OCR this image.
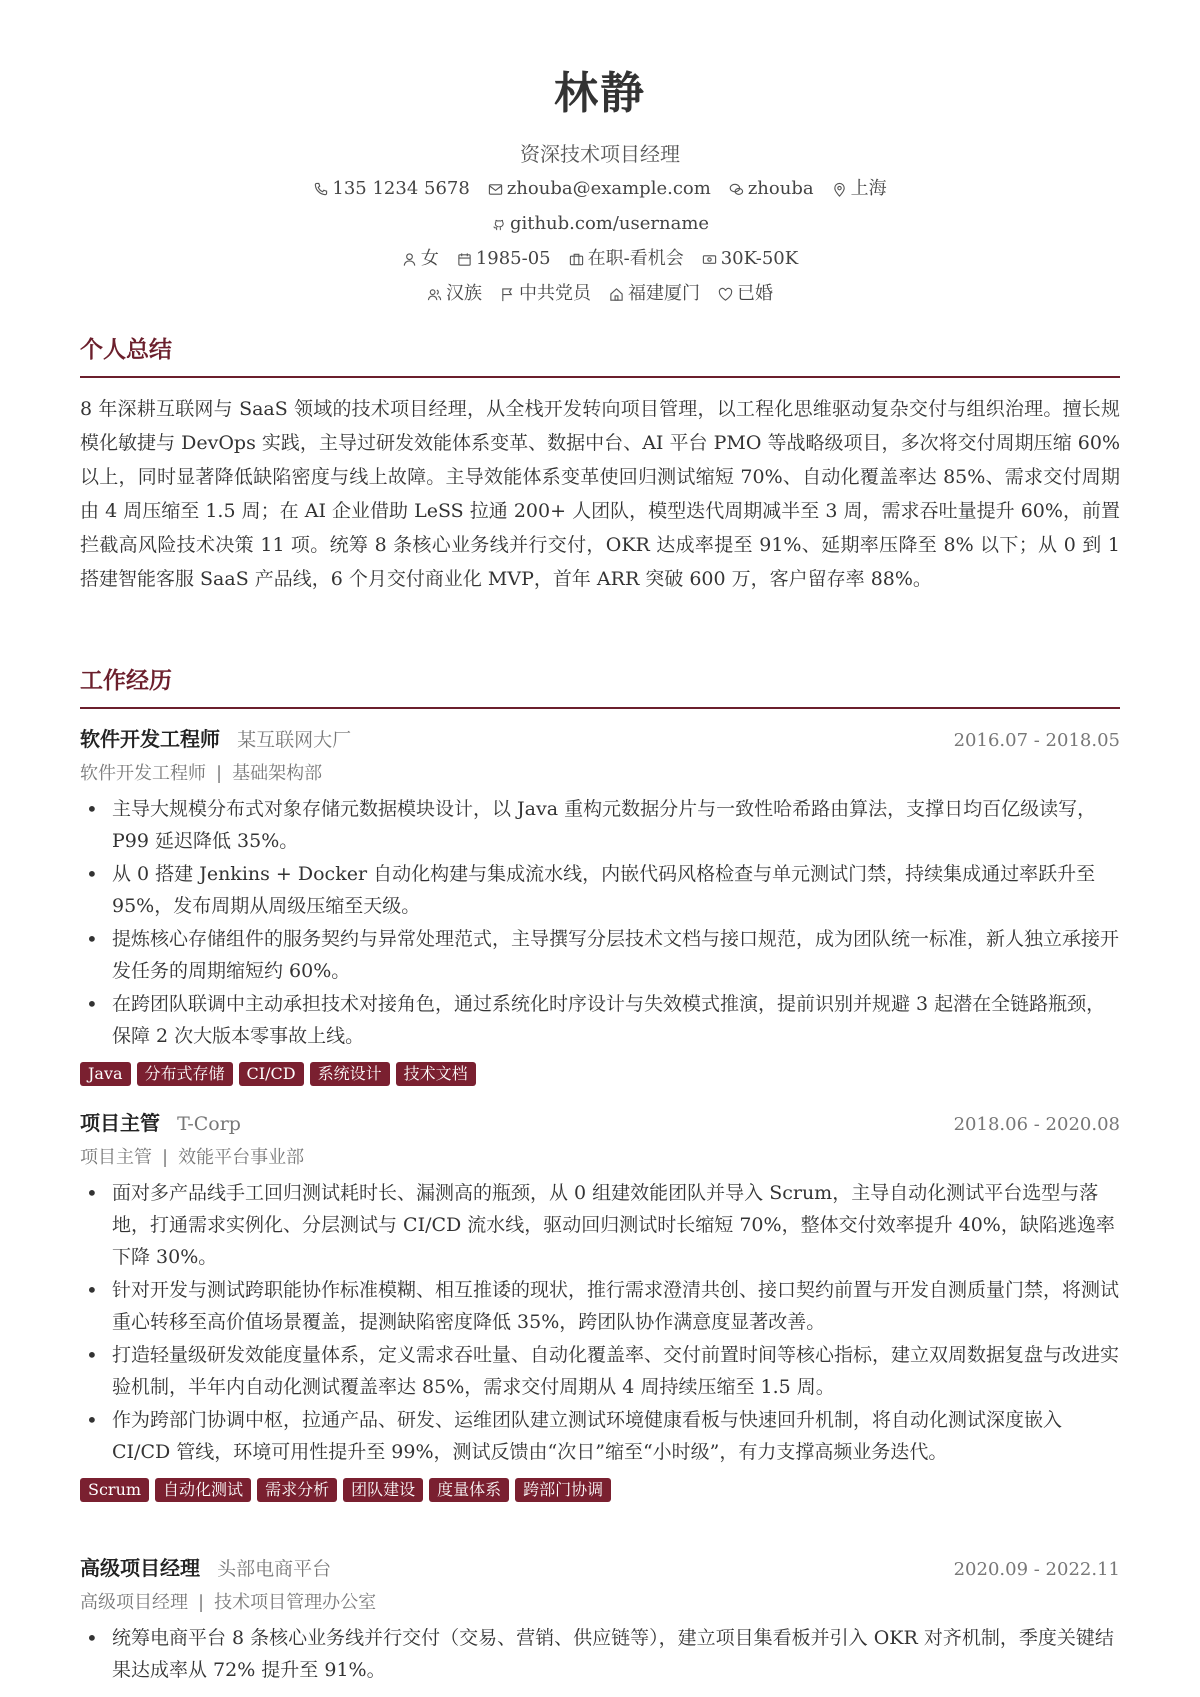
林静
资深技术项目经理
135 1234 5678 zhouba@example.com zhouba 上海
github.com/username
女 1985-05 在职-看机会 30K-50K
汉族 中共党员 福建厦门 已婚
个人总结

8 年深耕互联网与 SaaS 领域的技术项目经理，从全栈开发转向项目管理，以工程化思维驱动复杂交付与组织治理。擅长规模化敏捷与 DevOps 实践，主导过研发效能体系变革、数据中台、AI 平台 PMO 等战略级项目，多次将交付周期压缩 60% 以上，同时显著降低缺陷密度与线上故障。主导效能体系变革使回归测试缩短 70%、自动化覆盖率达 85%、需求交付周期由 4 周压缩至 1.5 周；在 AI 企业借助 LeSS 拉通 200+ 人团队，模型迭代周期减半至 3 周，需求吞吐量提升 60%，前置拦截高风险技术决策 11 项。统筹 8 条核心业务线并行交付，OKR 达成率提至 91%、延期率压降至 8% 以下；从 0 到 1 搭建智能客服 SaaS 产品线，6 个月交付商业化 MVP，首年 ARR 突破 600 万，客户留存率 88%。

工作经历
软件开发工程师 某互联网大厂	2016.07 - 2018.05
软件开发工程师 | 基础架构部
• 主导大规模分布式对象存储元数据模块设计，以 Java 重构元数据分片与一致性哈希路由算法，支撑日均百亿级读写，P99 延迟降低 35%。
• 从 0 搭建 Jenkins + Docker 自动化构建与集成流水线，内嵌代码风格检查与单元测试门禁，持续集成通过率跃升至 95%，发布周期从周级压缩至天级。
• 提炼核心存储组件的服务契约与异常处理范式，主导撰写分层技术文档与接口规范，成为团队统一标准，新人独立承接开发任务的周期缩短约 60%。
• 在跨团队联调中主动承担技术对接角色，通过系统化时序设计与失效模式推演，提前识别并规避 3 起潜在全链路瓶颈，保障 2 次大版本零事故上线。
Java	分布式存储	CI/CD	系统设计	技术文档
项目主管 T-Corp	2018.06 - 2020.08
项目主管 | 效能平台事业部
• 面对多产品线手工回归测试耗时长、漏测高的瓶颈，从 0 组建效能团队并导入 Scrum，主导自动化测试平台选型与落地，打通需求实例化、分层测试与 CI/CD 流水线，驱动回归测试时长缩短 70%，整体交付效率提升 40%，缺陷逃逸率下降 30%。
• 针对开发与测试跨职能协作标准模糊、相互推诿的现状，推行需求澄清共创、接口契约前置与开发自测质量门禁，将测试重心转移至高价值场景覆盖，提测缺陷密度降低 35%，跨团队协作满意度显著改善。
• 打造轻量级研发效能度量体系，定义需求吞吐量、自动化覆盖率、交付前置时间等核心指标，建立双周数据复盘与改进实验机制，半年内自动化测试覆盖率达 85%，需求交付周期从 4 周持续压缩至 1.5 周。
• 作为跨部门协调中枢，拉通产品、研发、运维团队建立测试环境健康看板与快速回升机制，将自动化测试深度嵌入 CI/CD 管线，环境可用性提升至 99%，测试反馈由“次日”缩至“小时级”，有力支撑高频业务迭代。
Scrum	自动化测试	需求分析	团队建设	度量体系	跨部门协调
高级项目经理 头部电商平台	2020.09 - 2022.11
高级项目经理 | 技术项目管理办公室
• 统筹电商平台 8 条核心业务线并行交付（交易、营销、供应链等），建立项目集看板并引入 OKR 对齐机制，季度关键结果达成率从 72% 提升至 91%。
